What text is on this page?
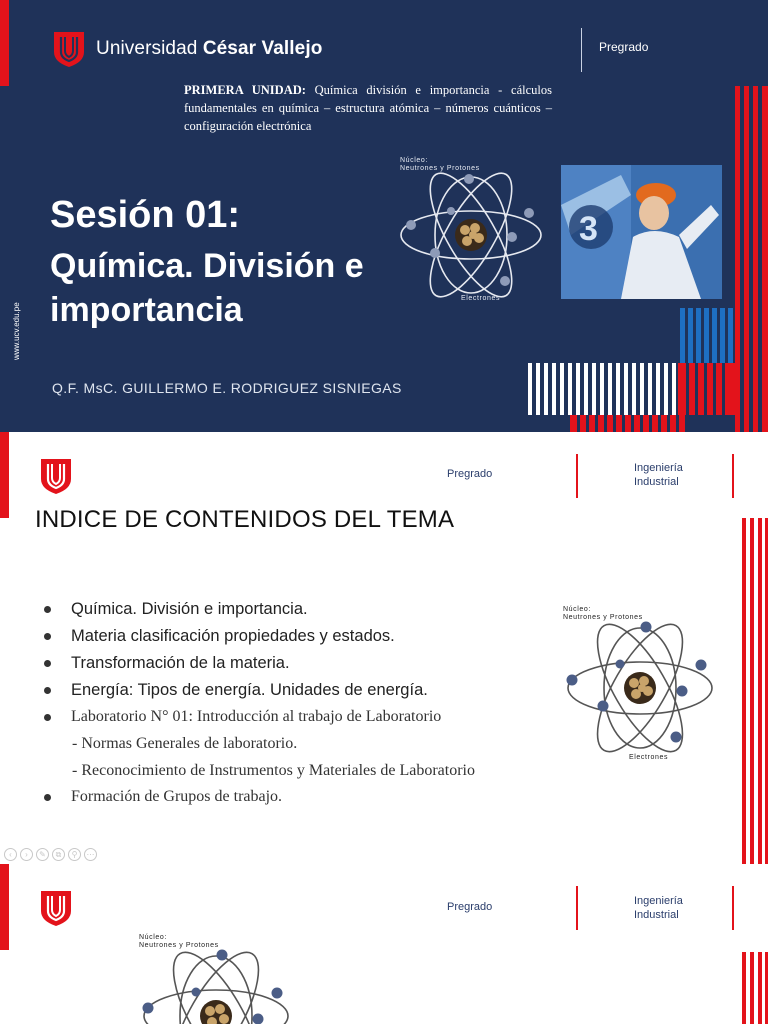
Universidad César Vallejo	Pregrado
PRIMERA UNIDAD: Química división e importancia - cálculos fundamentales en química – estructura atómica – números cuánticos – configuración electrónica
Sesión 01:
Química. División e importancia
www.ucv.edu.pe
Q.F. MsC. GUILLERMO E. RODRIGUEZ SISNIEGAS
Núcleo:
Neutrones y Protones
Electrones
3
Pregrado	Ingeniería
Industrial
INDICE DE CONTENIDOS DEL TEMA
Química. División e importancia.
Materia clasificación propiedades y estados.
Transformación de la materia.
Energía: Tipos de energía. Unidades de energía.
Laboratorio N° 01: Introducción al trabajo de Laboratorio
- Normas Generales de laboratorio.
- Reconocimiento de Instrumentos y Materiales de Laboratorio
Formación de Grupos de trabajo.
Núcleo:
Neutrones y Protones
Electrones
‹	›	✎	⧉	⚲	⋯
Pregrado	Ingeniería
Industrial
Núcleo:
Neutrones y Protones
